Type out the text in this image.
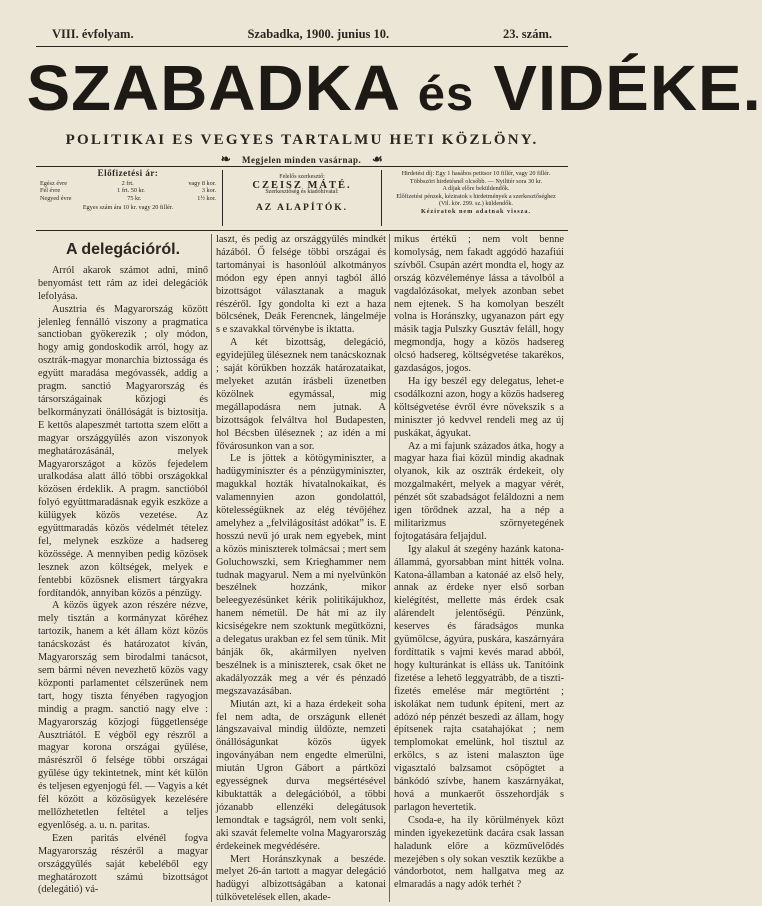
VIII. évfolyam.	Szabadka, 1900. junius 10.	23. szám.
SZABADKA és VIDÉKE.
POLITIKAI ES VEGYES TARTALMU HETI KÖZLÖNY.
❧ Megjelen minden vasárnap. ☙
Előfizetési ár:
Egész évre	2 frt.	vagy 8 kor.
Fél évre	1 frt. 50 kr.	3 kor.
Negyed évre	75 kr.	1½ kor.
Egyes szám ára 10 kr. vagy 20 fillér.
Felelős szerkesztő:
CZEISZ MÁTÉ.
Szerkesztőség és kiadóhivatal:
AZ ALAPÍTÓK.
Hirdetési díj: Egy 1 hasábos petitsor 10 fillér, vagy 20 fillér.
Többszöri hirdetésnél olcsóbb. — Nyilttér sora 30 kr.
A díjak előre beküldendők.
Előfizetési pénzek, kéziratok s hirdetmények a szerkesztőséghez
(Vil. kör. 299. sz.) küldendők.
Kéziratok nem adatnak vissza.
A delegációról.

Arról akarok számot adni, minő benyomást tett rám az idei delegációk lefolyása.

Ausztria és Magyarország között jelenleg fennálló viszony a pragmatica sanctioban gyökerezik ; oly módon, hogy amig gondoskodik arról, hogy az osztrák-magyar monarchia biztossága és együtt maradása megóvassék, addig a pragm. sanctió Magyarország és társországainak közjogi és belkormányzati önállóságát is biztosítja. E kettős alapeszmét tartotta szem előtt a magyar országgyűlés azon viszonyok meghatározásánál, melyek Magyarországot a közös fejedelem uralkodása alatt álló többi országokkal közösen érdeklik. A pragm. sanctióból folyó együttmaradásnak egyik eszköze a külügyek közös vezetése. Az együttmaradás közös védelmét tételez fel, melynek eszköze a hadsereg közössége. A mennyiben pedig közösek lesznek azon költségek, melyek e fentebbi közösnek elismert tárgyakra fordítandók, annyiban közös a pénzügy.

A közös ügyek azon részére nézve, mely tisztán a kormányzat köréhez tartozik, hanem a két állam közt közös tanácskozást és határozatot kíván, Magyarország sem birodalmi tanácsot, sem bármi néven nevezhető közös vagy központi parlamentet célszerűnek nem tart, hogy tiszta fényében ragyogjon mindig a pragm. sanctió nagy elve : Magyarország közjogi függetlensége Ausztriától. E végből egy részről a magyar korona országai gyűlése, másrészről ő felsége többi országai gyűlése úgy tekintetnek, mint két külön és teljesen egyenjogú fél. — Vagyis a két fél között a közösügyek kezelésére mellőzhetetlen feltétel a teljes egyenlőség. a. u. n. paritas.

Ezen paritás elvénél fogva Magyarország részéről a magyar országgyűlés saját kebeléből egy meghatározott számú bizottságot (delegátió) vá-

laszt, és pedig az országgyűlés mindkét házából. Ő felsége többi országai és tartományai is hasonlóúl alkotmányos módon egy épen annyi tagból álló bizottságot választanak a maguk részéről. Igy gondolta ki ezt a haza bölcsének, Deák Ferencnek, lángelméje s e szavakkal törvénybe is iktatta.

A két bizottság, delegáció, egyidejűleg üléseznek nem tanácskoznak ; saját körükben hozzák határozataikat, melyeket azután írásbeli üzenetben közölnek egymással, mig megállapodásra nem jutnak. A bizottságok felváltva hol Budapesten, hol Bécsben üléseznek ; az idén a mi fővárosunkon van a sor.

Le is jöttek a kötögyminiszter, a hadügyminiszter és a pénzügyminiszter, magukkal hozták hivatalnokaikat, és valamennyien azon gondolattól, kötelességüknek az elég tévőjéhez amelyhez a „felvilágosítást adókat” is. E hosszú nevű jó urak nem egyebek, mint a közös miniszterek tolmácsai ; mert sem Goluchowszki, sem Krieghammer nem tudnak magyarul. Nem a mi nyelvünkön beszélnek hozzánk, mikor beleegyezésünket kérik politikájukhoz, hanem németül. De hát mi az ily kicsiségekre nem szoktunk megütközni, a delegatus urakban ez fel sem tűnik. Mit bánják ők, akármilyen nyelven beszélnek is a miniszterek, csak őket ne akadályozzák meg a vér és pénzadó megszavazásában.

Miután azt, ki a haza érdekeit soha fel nem adta, de országunk ellenét lángszavaival mindig üldözte, nemzeti önállóságunkat közös ügyek ingoványában nem engedte elmerülni, miután Ugron Gábort a pártközi egyességnek durva megsértésével kibuktatták a delegációból, a többi józanabb ellenzéki delegátusok lemondtak e tagságról, nem volt senki, aki szavát felemelte volna Magyarország érdekeinek megvédésére.

Mert Horánszkynak a beszéde. melyet 26-án tartott a magyar delegáció hadügyi albizottságában a katonai túlkövetelések ellen, akade-

mikus értékű ; nem volt benne komolyság, nem fakadt aggódó hazafiúi szívből. Csupán azért mondta el, hogy az ország közvéleménye lássa a távolból a vagdalózásokat, melyek azonban sebet nem ejtenek. S ha komolyan beszélt volna is Horánszky, ugyanazon párt egy másik tagja Pulszky Gusztáv feláll, hogy megmondja, hogy a közös hadsereg olcsó hadsereg, költségvetése takarékos, gazdaságos, jogos.

Ha így beszél egy delegatus, lehet-e csodálkozni azon, hogy a közös hadsereg költségvetése évről évre növekszik s a miniszter jó kedvvel rendeli meg az új puskákat, ágyukat.

Az a mi fajunk százados átka, hogy a magyar haza fiai közül mindig akadnak olyanok, kik az osztrák érdekeit, oly mozgalmakért, melyek a magyar vérét, pénzét sőt szabadságot feláldozni a nem igen törődnek azzal, ha a nép a militarizmus szörnyetegének fojtogatására feljajdul.

Igy alakul át szegény hazánk katona-állammá, gyorsabban mint hitték volna. Katona-államban a katonáé az első hely, annak az érdeke nyer első sorban kielégítést, mellette más érdek csak alárendelt jelentőségű. Pénzünk, keserves és fáradságos munka gyümölcse, ágyúra, puskára, kaszárnyára fordíttatik s vajmi kevés marad abból, hogy kulturánkat is elláss uk. Tanítóink fizetése a lehető leggyatrább, de a tiszti-fizetés emelése már megtörtént ; iskolákat nem tudunk építeni, mert az adózó nép pénzét beszedi az állam, hogy építsenek rajta csatahajókat ; nem templomokat emelünk, hol tisztul az erkölcs, s az isteni malaszton üge vigasztaló balzsamot csöpögtet a bánkódó szívbe, hanem kaszárnyákat, hová a munkaerőt összehordják s parlagon hevertetik.

Csoda-e, ha ily körülmények közt minden igyekezetünk dacára csak lassan haladunk előre a közművelődés mezejében s oly sokan vesztik kezükbe a vándorbotot, nem hallgatva meg az elmaradás a nagy adók terhét ?
